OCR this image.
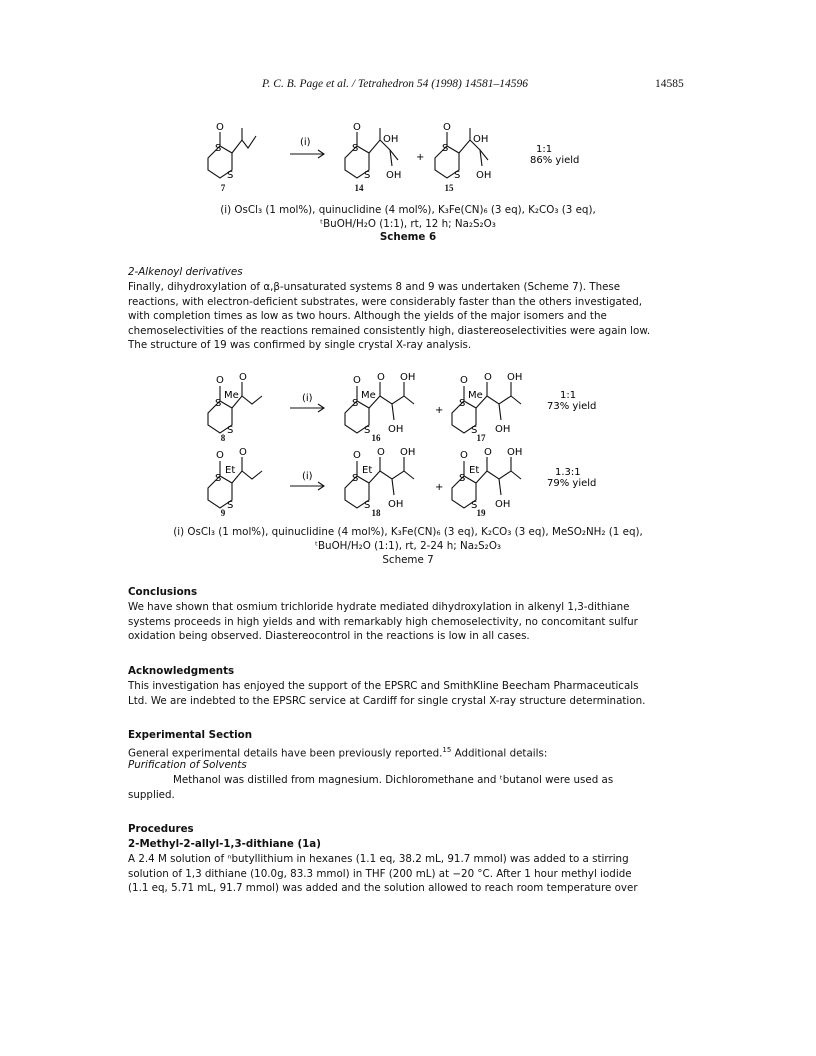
P. C. B. Page et al. / Tetrahedron 54 (1998) 14581–14596	14585
O
S
S
(i)
O
OH
OH
S
S
+
O
OH
OH
S
S
1:1
86% yield
7	14	15
(i) OsCl₃ (1 mol%), quinuclidine (4 mol%), K₃Fe(CN)₆ (3 eq), K₂CO₃ (3 eq),
ᵗBuOH/H₂O (1:1), rt, 12 h; Na₂S₂O₃
Scheme 6
2-Alkenoyl derivatives

Finally, dihydroxylation of α,β-unsaturated systems 8 and 9 was undertaken (Scheme 7). These

reactions, with electron-deficient substrates, were considerably faster than the others investigated,

with completion times as low as two hours. Although the yields of the major isomers and the

chemoselectivities of the reactions remained consistently high, diastereoselectivities were again low.

The structure of 19 was confirmed by single crystal X-ray analysis.

O O
Me
S
S
(i)
O O OH
OH
Me
S
S
+
O O OH
OH
Me
S
S
1:1
73% yield
O O
Et
S
S
(i)
O O OH
OH
Et
S
S
+
O O OH
OH
Et
S
S
1.3:1
79% yield
8	16	17
9	18	19
(i) OsCl₃ (1 mol%), quinuclidine (4 mol%), K₃Fe(CN)₆ (3 eq), K₂CO₃ (3 eq), MeSO₂NH₂ (1 eq),
ᵗBuOH/H₂O (1:1), rt, 2-24 h; Na₂S₂O₃
Scheme 7
Conclusions

We have shown that osmium trichloride hydrate mediated dihydroxylation in alkenyl 1,3-dithiane

systems proceeds in high yields and with remarkably high chemoselectivity, no concomitant sulfur

oxidation being observed. Diastereocontrol in the reactions is low in all cases.

Acknowledgments

This investigation has enjoyed the support of the EPSRC and SmithKline Beecham Pharmaceuticals

Ltd. We are indebted to the EPSRC service at Cardiff for single crystal X-ray structure determination.

Experimental Section
General experimental details have been previously reported.$^{15}$ Additional details:
Purification of Solvents

Methanol was distilled from magnesium. Dichloromethane and ᵗbutanol were used as

supplied.

Procedures
2-Methyl-2-allyl-1,3-dithiane (1a)

A 2.4 M solution of ⁿbutyllithium in hexanes (1.1 eq, 38.2 mL, 91.7 mmol) was added to a stirring

solution of 1,3 dithiane (10.0g, 83.3 mmol) in THF (200 mL) at −20 °C. After 1 hour methyl iodide

(1.1 eq, 5.71 mL, 91.7 mmol) was added and the solution allowed to reach room temperature over
